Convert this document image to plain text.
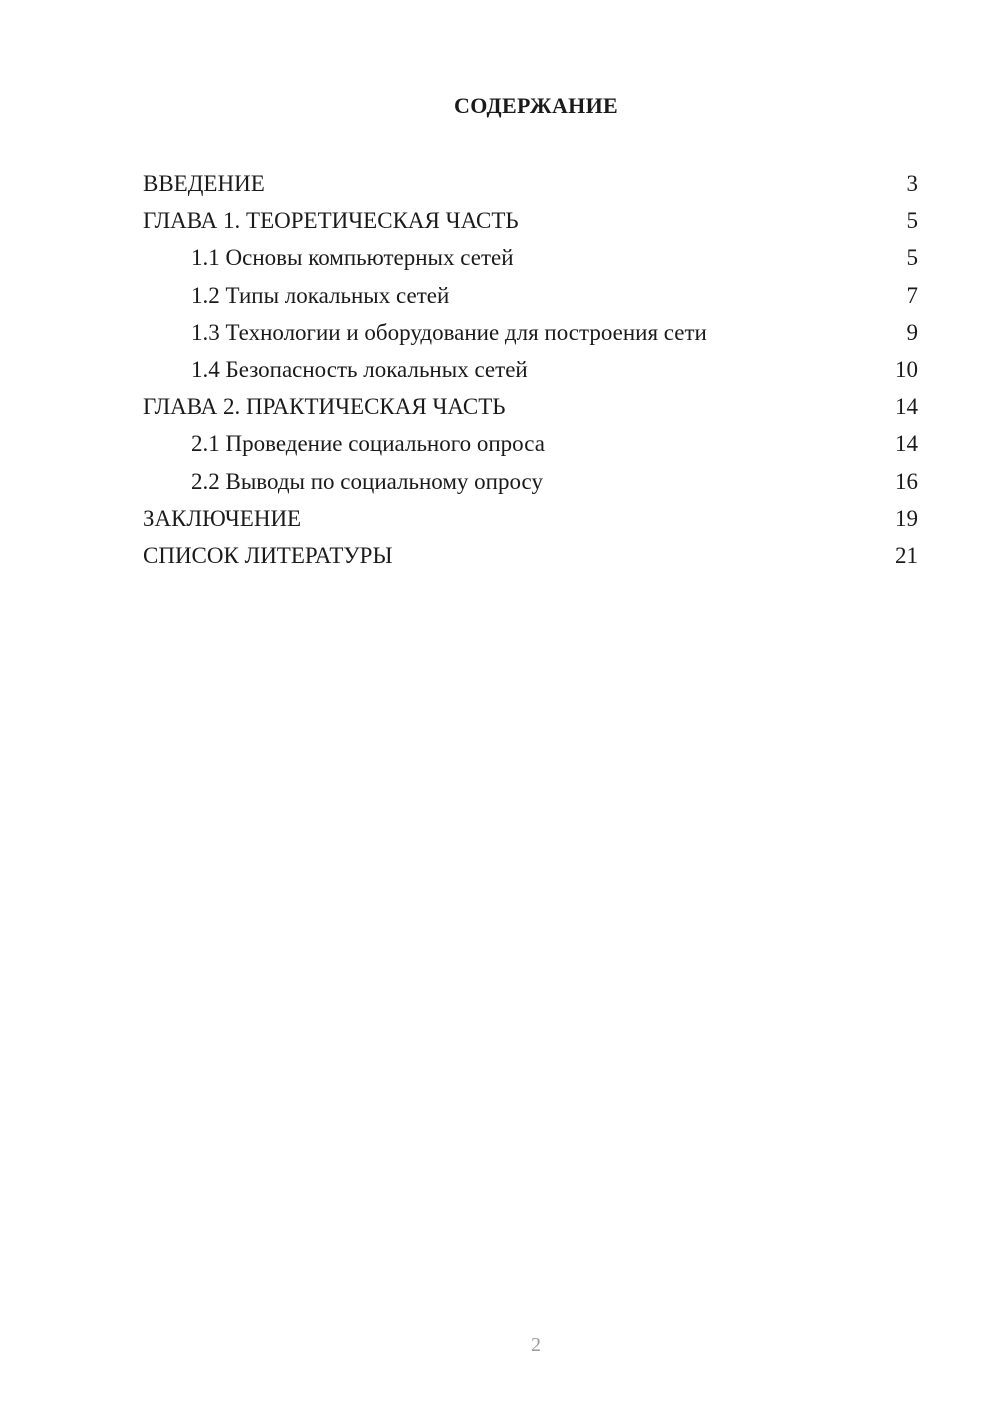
СОДЕРЖАНИЕ
ВВЕДЕНИЕ	3
ГЛАВА 1. ТЕОРЕТИЧЕСКАЯ ЧАСТЬ	5
1.1 Основы компьютерных сетей	5
1.2 Типы локальных сетей	7
1.3 Технологии и оборудование для построения сети	9
1.4 Безопасность локальных сетей	10
ГЛАВА 2. ПРАКТИЧЕСКАЯ ЧАСТЬ	14
2.1 Проведение социального опроса	14
2.2 Выводы по социальному опросу	16
ЗАКЛЮЧЕНИЕ	19
СПИСОК ЛИТЕРАТУРЫ	21
2
